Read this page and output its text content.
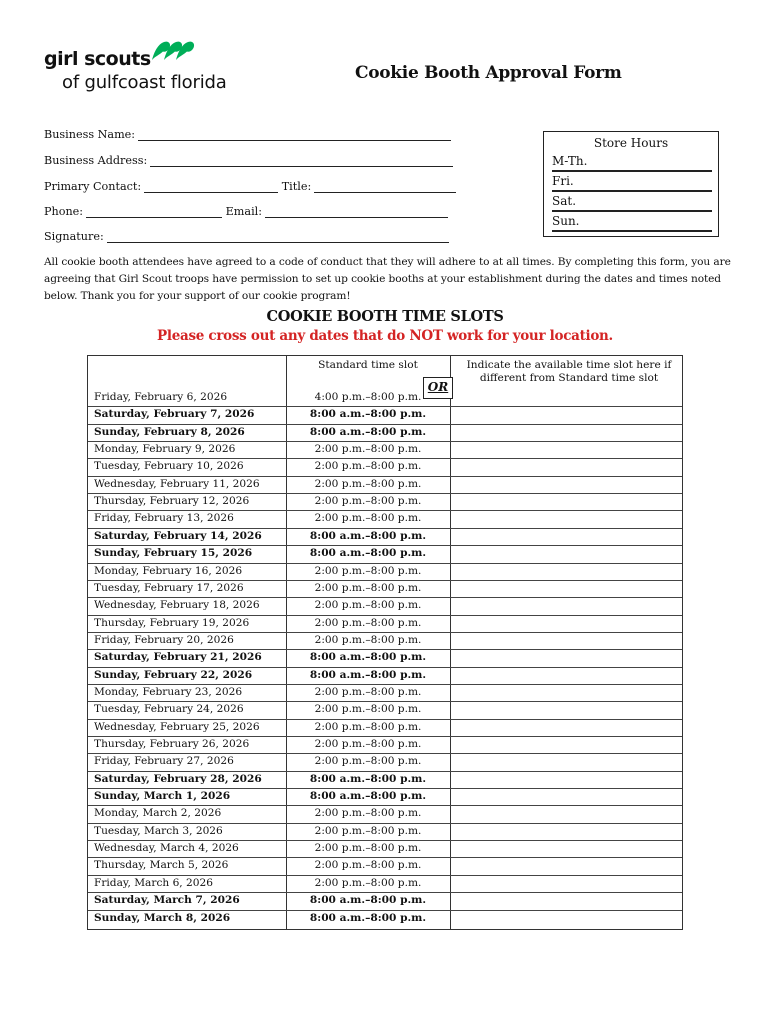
girl scouts
of gulfcoast florida	Cookie Booth Approval Form
Business Name:
Business Address:
Primary Contact:	Title:
Phone:	Email:
Signature:
Store Hours
M-Th.
Fri.
Sat.
Sun.
All cookie booth attendees have agreed to a code of conduct that they will adhere to at all times. By completing this form, you are agreeing that Girl Scout troops have permission to set up cookie booths at your establishment during the dates and times noted below. Thank you for your support of our cookie program!
COOKIE BOOTH TIME SLOTS
Please cross out any dates that do NOT work for your location.
Standard time slot	Indicate the available time slot here if different from Standard time slot
OR
Friday, February 6, 2026	4:00 p.m.–8:00 p.m.
Saturday, February 7, 2026	8:00 a.m.–8:00 p.m.
Sunday, February 8, 2026	8:00 a.m.–8:00 p.m.
Monday, February 9, 2026	2:00 p.m.–8:00 p.m.
Tuesday, February 10, 2026	2:00 p.m.–8:00 p.m.
Wednesday, February 11, 2026	2:00 p.m.–8:00 p.m.
Thursday, February 12, 2026	2:00 p.m.–8:00 p.m.
Friday, February 13, 2026	2:00 p.m.–8:00 p.m.
Saturday, February 14, 2026	8:00 a.m.–8:00 p.m.
Sunday, February 15, 2026	8:00 a.m.–8:00 p.m.
Monday, February 16, 2026	2:00 p.m.–8:00 p.m.
Tuesday, February 17, 2026	2:00 p.m.–8:00 p.m.
Wednesday, February 18, 2026	2:00 p.m.–8:00 p.m.
Thursday, February 19, 2026	2:00 p.m.–8:00 p.m.
Friday, February 20, 2026	2:00 p.m.–8:00 p.m.
Saturday, February 21, 2026	8:00 a.m.–8:00 p.m.
Sunday, February 22, 2026	8:00 a.m.–8:00 p.m.
Monday, February 23, 2026	2:00 p.m.–8:00 p.m.
Tuesday, February 24, 2026	2:00 p.m.–8:00 p.m.
Wednesday, February 25, 2026	2:00 p.m.–8:00 p.m.
Thursday, February 26, 2026	2:00 p.m.–8:00 p.m.
Friday, February 27, 2026	2:00 p.m.–8:00 p.m.
Saturday, February 28, 2026	8:00 a.m.–8:00 p.m.
Sunday, March 1, 2026	8:00 a.m.–8:00 p.m.
Monday, March 2, 2026	2:00 p.m.–8:00 p.m.
Tuesday, March 3, 2026	2:00 p.m.–8:00 p.m.
Wednesday, March 4, 2026	2:00 p.m.–8:00 p.m.
Thursday, March 5, 2026	2:00 p.m.–8:00 p.m.
Friday, March 6, 2026	2:00 p.m.–8:00 p.m.
Saturday, March 7, 2026	8:00 a.m.–8:00 p.m.
Sunday, March 8, 2026	8:00 a.m.–8:00 p.m.
